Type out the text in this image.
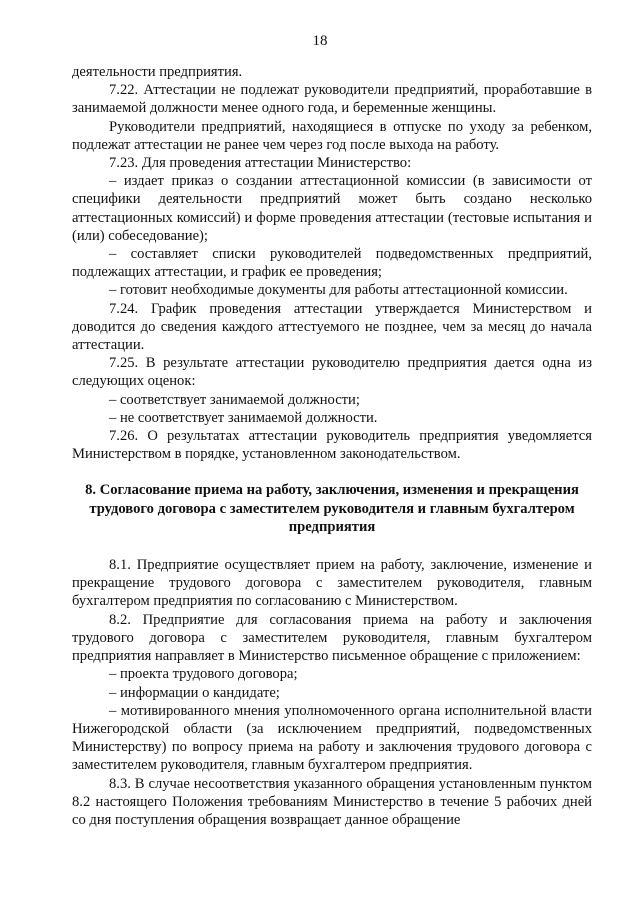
18

деятельности предприятия.

7.22. Аттестации не подлежат руководители предприятий, проработавшие в занимаемой должности менее одного года, и беременные женщины.

Руководители предприятий, находящиеся в отпуске по уходу за ребенком, подлежат аттестации не ранее чем через год после выхода на работу.

7.23. Для проведения аттестации Министерство:

– издает приказ о создании аттестационной комиссии (в зависимости от специфики деятельности предприятий может быть создано несколько аттестационных комиссий) и форме проведения аттестации (тестовые испытания и (или) собеседование);

– составляет списки руководителей подведомственных предприятий, подлежащих аттестации, и график ее проведения;

– готовит необходимые документы для работы аттестационной комиссии.

7.24. График проведения аттестации утверждается Министерством и доводится до сведения каждого аттестуемого не позднее, чем за месяц до начала аттестации.

7.25. В результате аттестации руководителю предприятия дается одна из следующих оценок:

– соответствует занимаемой должности;

– не соответствует занимаемой должности.

7.26. О результатах аттестации руководитель предприятия уведомляется Министерством в порядке, установленном законодательством.

8. Согласование приема на работу, заключения, изменения и прекращения трудового договора с заместителем руководителя и главным бухгалтером предприятия

8.1. Предприятие осуществляет прием на работу, заключение, изменение и прекращение трудового договора с заместителем руководителя, главным бухгалтером предприятия по согласованию с Министерством.

8.2. Предприятие для согласования приема на работу и заключения трудового договора с заместителем руководителя, главным бухгалтером предприятия направляет в Министерство письменное обращение с приложением:

– проекта трудового договора;

– информации о кандидате;

– мотивированного мнения уполномоченного органа исполнительной власти Нижегородской области (за исключением предприятий, подведомственных Министерству) по вопросу приема на работу и заключения трудового договора с заместителем руководителя, главным бухгалтером предприятия.

8.3. В случае несоответствия указанного обращения установленным пунктом 8.2 настоящего Положения требованиям Министерство в течение 5 рабочих дней со дня поступления обращения возвращает данное обращение
